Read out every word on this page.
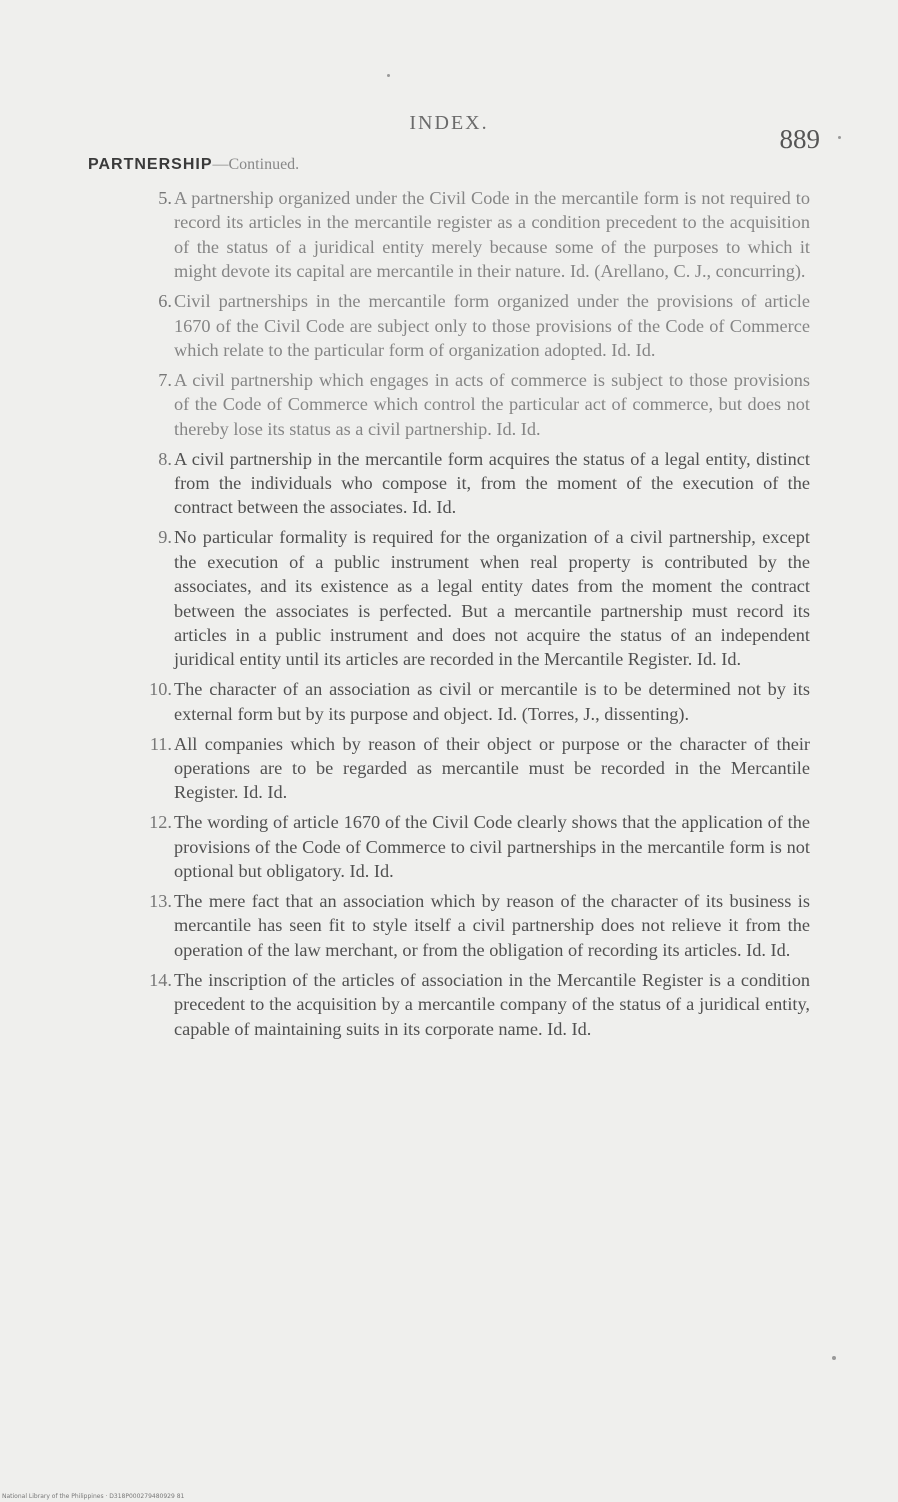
INDEX.
889
PARTNERSHIP—Continued.
5. A partnership organized under the Civil Code in the mercantile form is not required to record its articles in the mercantile register as a condition precedent to the acquisition of the status of a juridical entity merely because some of the purposes to which it might devote its capital are mercantile in their nature. Id. (Arellano, C. J., concurring).
6. Civil partnerships in the mercantile form organized under the provisions of article 1670 of the Civil Code are subject only to those provisions of the Code of Commerce which relate to the particular form of organization adopted. Id. Id.
7. A civil partnership which engages in acts of commerce is subject to those provisions of the Code of Commerce which control the particular act of commerce, but does not thereby lose its status as a civil partnership. Id. Id.
8. A civil partnership in the mercantile form acquires the status of a legal entity, distinct from the individuals who compose it, from the moment of the execution of the contract between the associates. Id. Id.
9. No particular formality is required for the organization of a civil partnership, except the execution of a public instrument when real property is contributed by the associates, and its existence as a legal entity dates from the moment the contract between the associates is perfected. But a mercantile partnership must record its articles in a public instrument and does not acquire the status of an independent juridical entity until its articles are recorded in the Mercantile Register. Id. Id.
10. The character of an association as civil or mercantile is to be determined not by its external form but by its purpose and object. Id. (Torres, J., dissenting).
11. All companies which by reason of their object or purpose or the character of their operations are to be regarded as mercantile must be recorded in the Mercantile Register. Id. Id.
12. The wording of article 1670 of the Civil Code clearly shows that the application of the provisions of the Code of Commerce to civil partnerships in the mercantile form is not optional but obligatory. Id. Id.
13. The mere fact that an association which by reason of the character of its business is mercantile has seen fit to style itself a civil partnership does not relieve it from the operation of the law merchant, or from the obligation of recording its articles. Id. Id.
14. The inscription of the articles of association in the Mercantile Register is a condition precedent to the acquisition by a mercantile company of the status of a juridical entity, capable of maintaining suits in its corporate name. Id. Id.
National Library of the Philippines · D318P000279480929 81
